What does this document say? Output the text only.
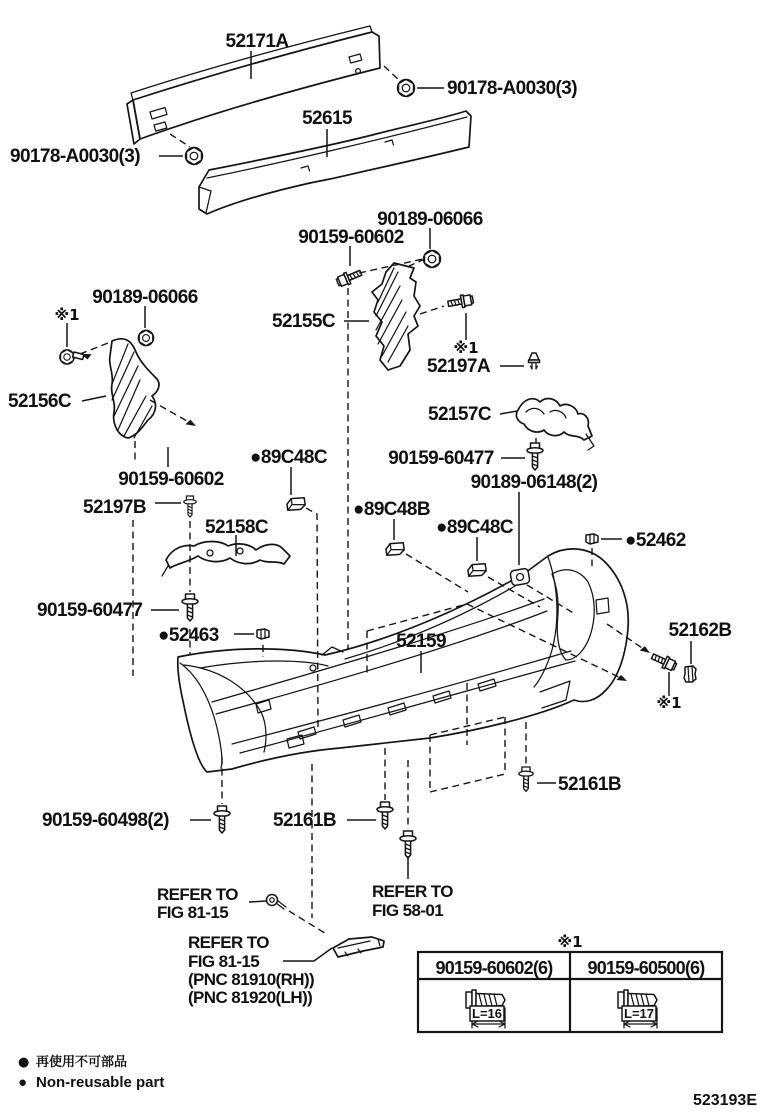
52171A
90178-A0030(3)
52615
90178-A0030(3)
90189-06066
90159-60602
52155C
※1
52197A
90189-06066
※1
52156C
52157C
90159-60602
90159-60477
90189-06148(2)
52197B
52158C
●89C48C
●89C48B
●89C48C
●52462
52162B
※1
●52463
90159-60477
52159
90159-60498(2)	52161B
52161B
REFER TO
FIG 81-15
REFER TO
FIG 58-01
REFER TO
FIG 81-15
(PNC 81910(RH))
(PNC 81920(LH))
※1
90159-60602(6) 90159-60500(6)
L=16	L=17
● 再使用不可部品
● Non-reusable part
523193E
